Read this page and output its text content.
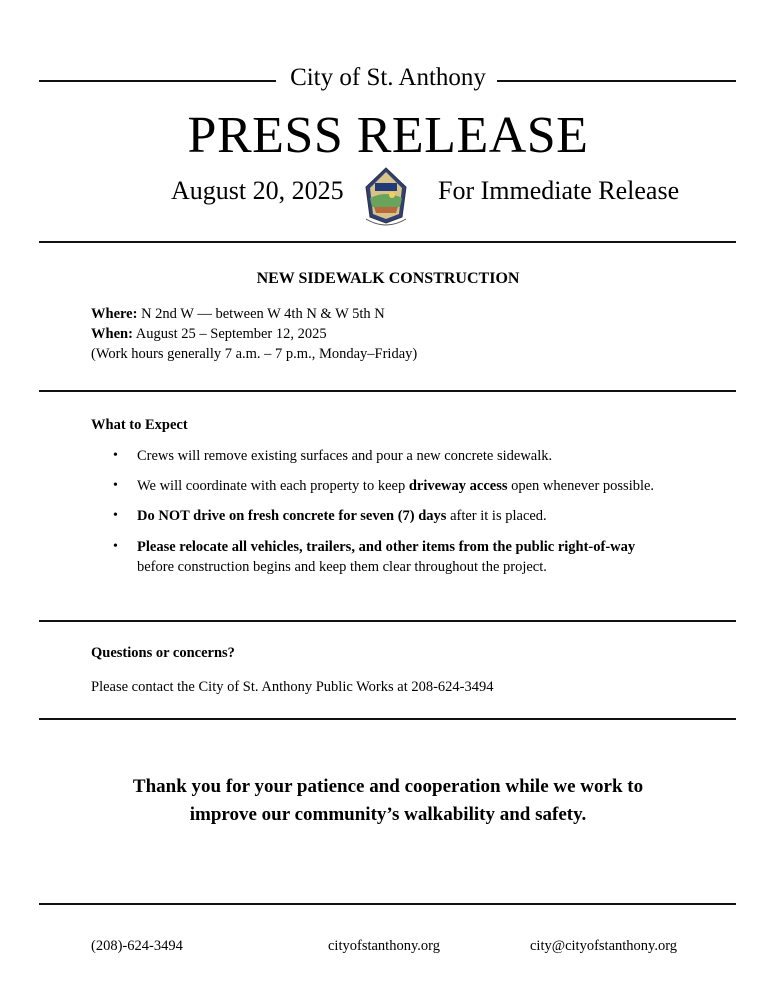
City of St. Anthony
PRESS RELEASE
August 20, 2025	For Immediate Release
NEW SIDEWALK CONSTRUCTION
Where: N 2nd W — between W 4th N & W 5th N
When: August 25 – September 12, 2025
(Work hours generally 7 a.m. – 7 p.m., Monday–Friday)
What to Expect
• Crews will remove existing surfaces and pour a new concrete sidewalk.
• We will coordinate with each property to keep driveway access open whenever possible.
• Do NOT drive on fresh concrete for seven (7) days after it is placed.
• Please relocate all vehicles, trailers, and other items from the public right-of-way
before construction begins and keep them clear throughout the project.
Questions or concerns?
Please contact the City of St. Anthony Public Works at 208-624-3494
Thank you for your patience and cooperation while we work to
improve our community’s walkability and safety.
(208)-624-3494	cityofstanthony.org	city@cityofstanthony.org
